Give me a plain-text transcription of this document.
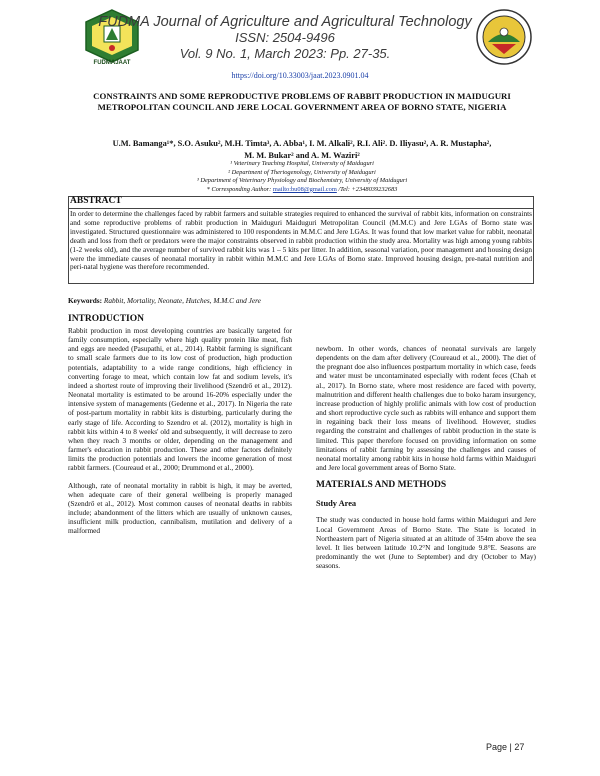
FUDMAJAAT
FUDMA Journal of Agriculture and Agricultural Technology
ISSN: 2504-9496
Vol. 9 No. 1, March 2023: Pp. 27-35.
https://doi.org/10.33003/jaat.2023.0901.04
CONSTRAINTS AND SOME REPRODUCTIVE PROBLEMS OF RABBIT PRODUCTION IN MAIDUGURI METROPOLITAN COUNCIL AND JERE LOCAL GOVERNMENT AREA OF BORNO STATE, NIGERIA
U.M. Bamanga¹*, S.O. Asuku², M.H. Timta³, A. Abba¹, I. M. Alkali², R.I. Ali². D. Iliyasu², A. R. Mustapha²,
M. M. Bukar² and A. M. Waziri²
¹ Veterinary Teaching Hospital, University of Maiduguri
² Department of Theriogenology, University of Maiduguri
³ Department of Veterinary Physiology and Biochemistry, University of Maiduguri
* Corresponding Author: mailto:bu08@gmail.com /Tel: +2348039232683
ABSTRACT
In order to determine the challenges faced by rabbit farmers and suitable strategies required to enhanced the survival of rabbit kits, information on constraints and some reproductive problems of rabbit production in Maiduguri Maiduguri Metropolitan Council (M.M.C) and Jere LGAs of Borno state was investigated. Structured questionnaire was administered to 100 respondents in M.M.C and Jere LGAs. It was found that low market value for rabbit, neonatal death and loss from theft or predators were the major constraints observed in rabbit production within the study area. Mortality was high among young rabbits (1-2 weeks old), and the average number of survived rabbit kits was 1 – 5 kits per litter. In addition, seasonal variation, poor management and housing design were the immediate causes of neonatal mortality in rabbit within M.M.C and Jere LGAs of Borno state. Improved housing design, pre-natal nutrition and peri-natal hygiene was therefore recommended.
Keywords: Rabbit, Mortality, Neonate, Hutches, M.M.C and Jere
INTRODUCTION
Rabbit production in most developing countries are basically targeted for family consumption, especially where high quality protein like meat, fish and eggs are needed (Pasupathi, et al., 2014). Rabbit farming is significant to small scale farmers due to its low cost of production, high production potentials, adaptability to a wide range conditions, high efficiency in converting forage to meat, which contain low fat and sodium levels, it's indeed a shortest route of improving their livelihood (Szendrő et al., 2012). Neonatal mortality is estimated to be around 16-20% especially under the intensive system of managements (Gedenne et al., 2017). In Nigeria the rate of post-partum mortality in rabbit kits is disturbing, particularly during the early stage of life. According to Szendro et al. (2012), mortality is high in rabbit kits within 4 to 8 weeks' old and subsequently, it will decrease to zero when they reach 3 months or older, depending on the management and farmer's education in rabbit production. These and other factors definitely limits the production potentials and lowers the income generation of most rabbit farmers. (Coureaud et al., 2000; Drummond et al., 2000).
Although, rate of neonatal mortality in rabbit is high, it may be averted, when adequate care of their general wellbeing is properly managed (Szendrő et al., 2012). Most common causes of neonatal deaths in rabbits include; abandonment of the litters which are usually of unknown causes, insufficient milk production, cannibalism, mutilation and delivery of a malformed
newborn. In other words, chances of neonatal survivals are largely dependents on the dam after delivery (Coureaud et al., 2000). The diet of the pregnant doe also influences postpartum mortality in which case, feeds and water must be uncontaminated especially with rodent feces (Chah et al., 2017). In Borno state, where most residence are faced with poverty, malnutrition and different health challenges due to boko haram insurgency, increase production of highly prolific animals with low cost of production and short reproductive cycle such as rabbits will enhance and support them in regaining back their loss means of livelihood. However, studies regarding the constraint and challenges of rabbit production in the state is limited. This paper therefore focused on providing information on some limitations of rabbit farming by assessing the challenges and causes of neonatal mortality among rabbit kits in house hold farms within Maiduguri and Jere local government areas of Borno State.
MATERIALS AND METHODS
Study Area
The study was conducted in house hold farms within Maiduguri and Jere Local Government Areas of Borno State. The State is located in Northeastern part of Nigeria situated at an altitude of 354m above the sea level. It lies between latitude 10.2°N and longitude 9.8°E. Seasons are predominantly the wet (June to September) and dry (October to May) seasons.
Page | 27
